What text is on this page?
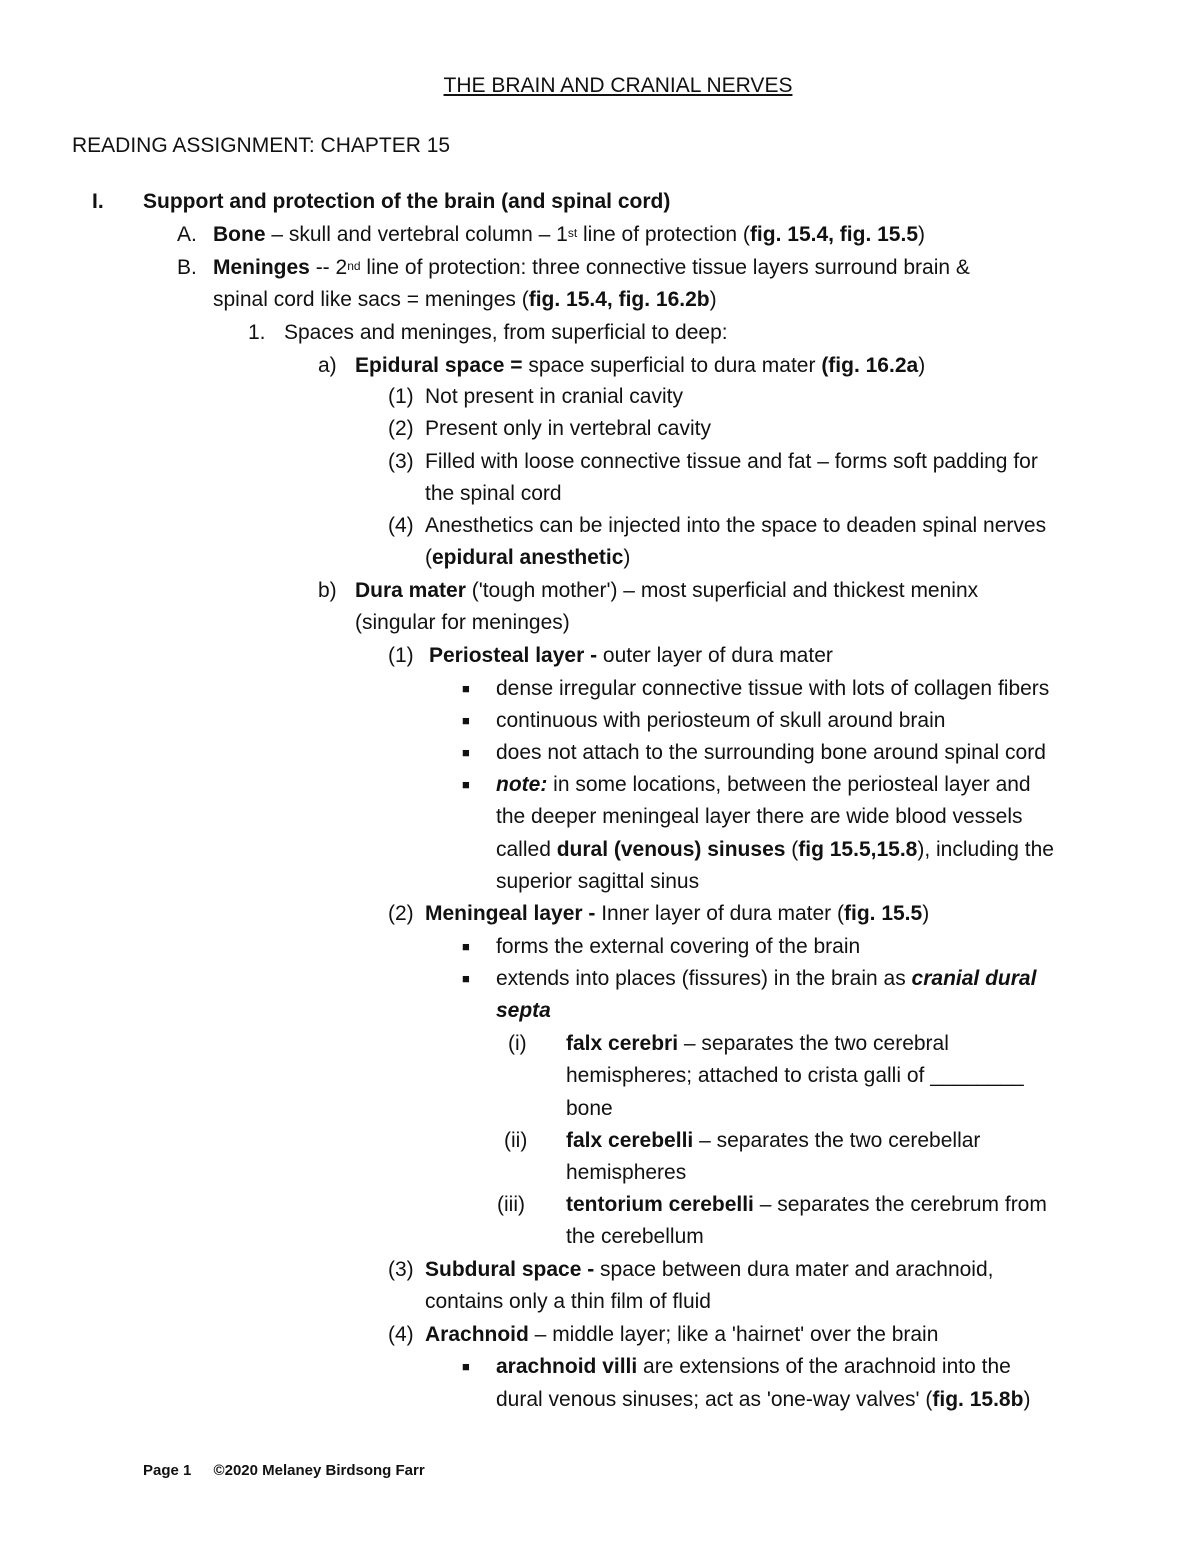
THE BRAIN AND CRANIAL NERVES
READING ASSIGNMENT: CHAPTER 15
I. Support and protection of the brain (and spinal cord)
A. Bone – skull and vertebral column – 1st line of protection (fig. 15.4, fig. 15.5)
B. Meninges -- 2nd line of protection: three connective tissue layers surround brain &
spinal cord like sacs = meninges (fig. 15.4, fig. 16.2b)
1. Spaces and meninges, from superficial to deep:
a) Epidural space = space superficial to dura mater (fig. 16.2a)
(1) Not present in cranial cavity
(2) Present only in vertebral cavity
(3) Filled with loose connective tissue and fat – forms soft padding for
the spinal cord
(4) Anesthetics can be injected into the space to deaden spinal nerves
(epidural anesthetic)
b) Dura mater ('tough mother') – most superficial and thickest meninx
(singular for meninges)
(1) Periosteal layer - outer layer of dura mater
■ dense irregular connective tissue with lots of collagen fibers
■ continuous with periosteum of skull around brain
■ does not attach to the surrounding bone around spinal cord
■ note: in some locations, between the periosteal layer and
the deeper meningeal layer there are wide blood vessels
called dural (venous) sinuses (fig 15.5,15.8), including the
superior sagittal sinus
(2) Meningeal layer - Inner layer of dura mater (fig. 15.5)
■ forms the external covering of the brain
■ extends into places (fissures) in the brain as cranial dural
septa
(i) falx cerebri – separates the two cerebral
hemispheres; attached to crista galli of ________
bone
(ii) falx cerebelli – separates the two cerebellar
hemispheres
(iii) tentorium cerebelli – separates the cerebrum from
the cerebellum
(3) Subdural space - space between dura mater and arachnoid,
contains only a thin film of fluid
(4) Arachnoid – middle layer; like a 'hairnet' over the brain
■ arachnoid villi are extensions of the arachnoid into the
dural venous sinuses; act as 'one-way valves' (fig. 15.8b)
Page 1 ©2020 Melaney Birdsong Farr
